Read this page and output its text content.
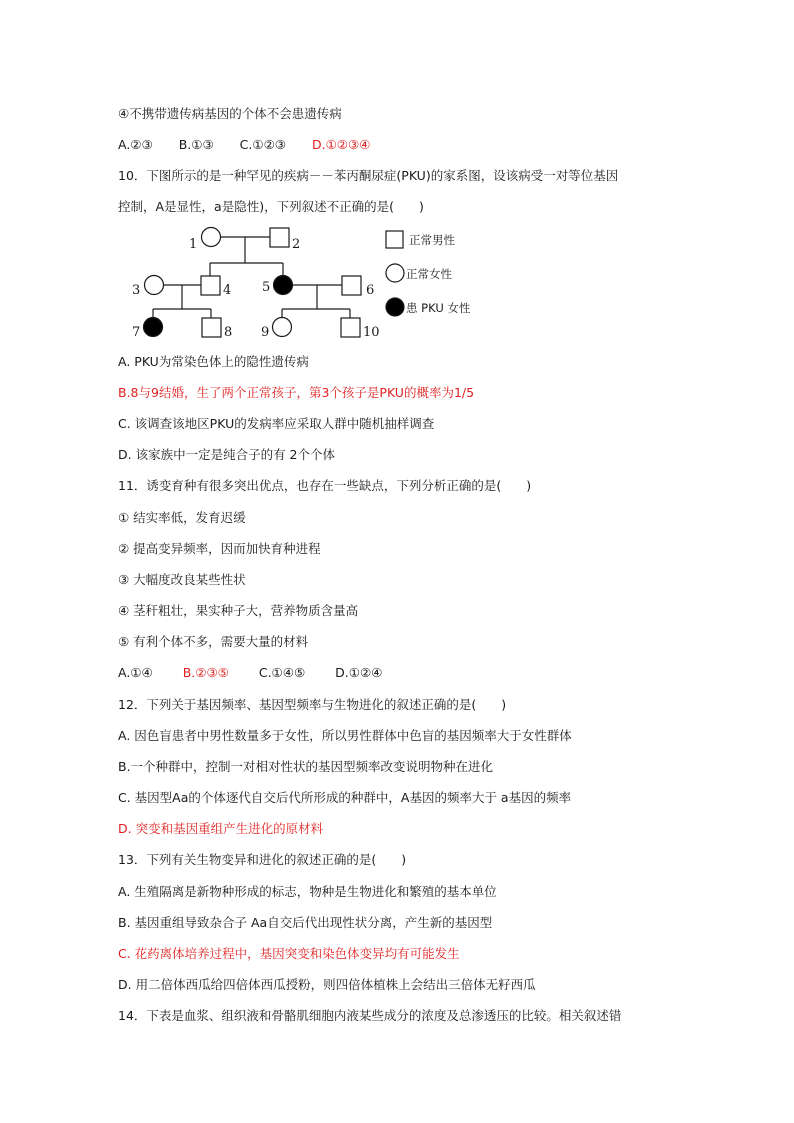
④不携带遗传病基因的个体不会患遗传病
A.②③ B.①③ C.①②③ D.①②③④
10．下图所示的是一种罕见的疾病－－苯丙酮尿症(PKU)的家系图，设该病受一对等位基因
控制，A是显性，a是隐性)，下列叙述不正确的是(　　)
1	2
3	4 5	6
7	8 9	10
正常男性
正常女性
患 PKU 女性
A. PKU为常染色体上的隐性遗传病
B.8与9结婚，生了两个正常孩子，第3个孩子是PKU的概率为1/5
C. 该调查该地区PKU的发病率应采取人群中随机抽样调查
D. 该家族中一定是纯合子的有 2个个体
11．诱变育种有很多突出优点，也存在一些缺点，下列分析正确的是(　　)
① 结实率低，发育迟缓
② 提高变异频率，因而加快育种进程
③ 大幅度改良某些性状
④ 茎秆粗壮，果实种子大，营养物质含量高
⑤ 有利个体不多，需要大量的材料
A.①④ B.②③⑤ C.①④⑤ D.①②④
12．下列关于基因频率、基因型频率与生物进化的叙述正确的是(　　)
A. 因色盲患者中男性数量多于女性，所以男性群体中色盲的基因频率大于女性群体
B.一个种群中，控制一对相对性状的基因型频率改变说明物种在进化
C. 基因型Aa的个体逐代自交后代所形成的种群中，A基因的频率大于 a基因的频率
D. 突变和基因重组产生进化的原材料
13．下列有关生物变异和进化的叙述正确的是(　　)
A. 生殖隔离是新物种形成的标志，物种是生物进化和繁殖的基本单位
B. 基因重组导致杂合子 Aa自交后代出现性状分离，产生新的基因型
C. 花药离体培养过程中，基因突变和染色体变异均有可能发生
D. 用二倍体西瓜给四倍体西瓜授粉，则四倍体植株上会结出三倍体无籽西瓜
14．下表是血浆、组织液和骨骼肌细胞内液某些成分的浓度及总渗透压的比较。相关叙述错
